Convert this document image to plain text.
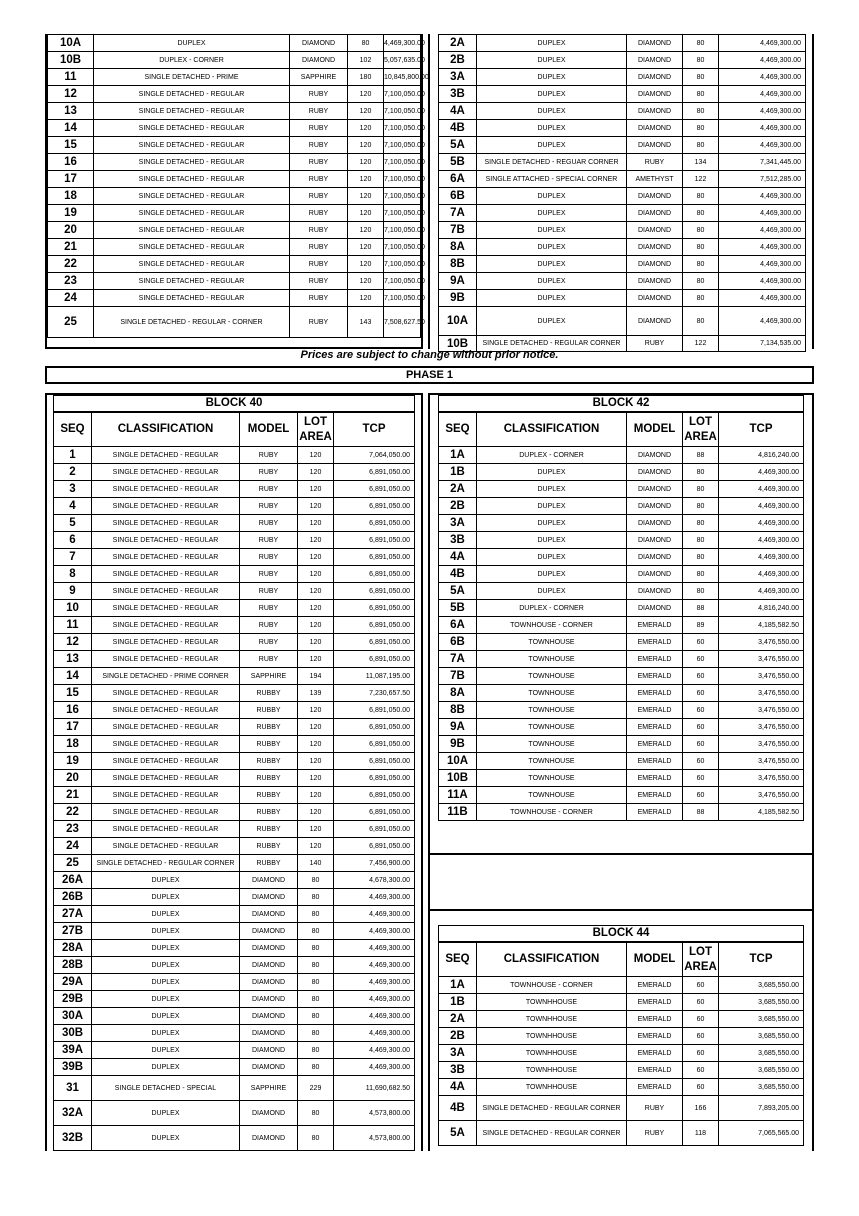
10A	DUPLEX	DIAMOND	80	4,469,300.00
10B	DUPLEX - CORNER	DIAMOND	102	5,057,635.00
11	SINGLE DETACHED - PRIME	SAPPHIRE	180	10,845,800.00
12	SINGLE DETACHED - REGULAR	RUBY	120	7,100,050.00
13	SINGLE DETACHED - REGULAR	RUBY	120	7,100,050.00
14	SINGLE DETACHED - REGULAR	RUBY	120	7,100,050.00
15	SINGLE DETACHED - REGULAR	RUBY	120	7,100,050.00
16	SINGLE DETACHED - REGULAR	RUBY	120	7,100,050.00
17	SINGLE DETACHED - REGULAR	RUBY	120	7,100,050.00
18	SINGLE DETACHED - REGULAR	RUBY	120	7,100,050.00
19	SINGLE DETACHED - REGULAR	RUBY	120	7,100,050.00
20	SINGLE DETACHED - REGULAR	RUBY	120	7,100,050.00
21	SINGLE DETACHED - REGULAR	RUBY	120	7,100,050.00
22	SINGLE DETACHED - REGULAR	RUBY	120	7,100,050.00
23	SINGLE DETACHED - REGULAR	RUBY	120	7,100,050.00
24	SINGLE DETACHED - REGULAR	RUBY	120	7,100,050.00
25	SINGLE DETACHED - REGULAR - CORNER	RUBY	143	7,508,627.50
2A	DUPLEX	DIAMOND	80	4,469,300.00
2B	DUPLEX	DIAMOND	80	4,469,300.00
3A	DUPLEX	DIAMOND	80	4,469,300.00
3B	DUPLEX	DIAMOND	80	4,469,300.00
4A	DUPLEX	DIAMOND	80	4,469,300.00
4B	DUPLEX	DIAMOND	80	4,469,300.00
5A	DUPLEX	DIAMOND	80	4,469,300.00
5B	SINGLE DETACHED - REGUAR CORNER	RUBY	134	7,341,445.00
6A	SINGLE ATTACHED - SPECIAL CORNER	AMETHYST	122	7,512,285.00
6B	DUPLEX	DIAMOND	80	4,469,300.00
7A	DUPLEX	DIAMOND	80	4,469,300.00
7B	DUPLEX	DIAMOND	80	4,469,300.00
8A	DUPLEX	DIAMOND	80	4,469,300.00
8B	DUPLEX	DIAMOND	80	4,469,300.00
9A	DUPLEX	DIAMOND	80	4,469,300.00
9B	DUPLEX	DIAMOND	80	4,469,300.00
10A	DUPLEX	DIAMOND	80	4,469,300.00
10B	SINGLE DETACHED - REGULAR CORNER	RUBY	122	7,134,535.00
Prices are subject to change without prior notice.
PHASE 1
BLOCK 40
SEQ	CLASSIFICATION	MODEL	LOT AREA	TCP
1	SINGLE DETACHED - REGULAR	RUBY	120	7,064,050.00
2	SINGLE DETACHED - REGULAR	RUBY	120	6,891,050.00
3	SINGLE DETACHED - REGULAR	RUBY	120	6,891,050.00
4	SINGLE DETACHED - REGULAR	RUBY	120	6,891,050.00
5	SINGLE DETACHED - REGULAR	RUBY	120	6,891,050.00
6	SINGLE DETACHED - REGULAR	RUBY	120	6,891,050.00
7	SINGLE DETACHED - REGULAR	RUBY	120	6,891,050.00
8	SINGLE DETACHED - REGULAR	RUBY	120	6,891,050.00
9	SINGLE DETACHED - REGULAR	RUBY	120	6,891,050.00
10	SINGLE DETACHED - REGULAR	RUBY	120	6,891,050.00
11	SINGLE DETACHED - REGULAR	RUBY	120	6,891,050.00
12	SINGLE DETACHED - REGULAR	RUBY	120	6,891,050.00
13	SINGLE DETACHED - REGULAR	RUBY	120	6,891,050.00
14	SINGLE DETACHED - PRIME CORNER	SAPPHIRE	194	11,087,195.00
15	SINGLE DETACHED - REGULAR	RUBBY	139	7,230,657.50
16	SINGLE DETACHED - REGULAR	RUBBY	120	6,891,050.00
17	SINGLE DETACHED - REGULAR	RUBBY	120	6,891,050.00
18	SINGLE DETACHED - REGULAR	RUBBY	120	6,891,050.00
19	SINGLE DETACHED - REGULAR	RUBBY	120	6,891,050.00
20	SINGLE DETACHED - REGULAR	RUBBY	120	6,891,050.00
21	SINGLE DETACHED - REGULAR	RUBBY	120	6,891,050.00
22	SINGLE DETACHED - REGULAR	RUBBY	120	6,891,050.00
23	SINGLE DETACHED - REGULAR	RUBBY	120	6,891,050.00
24	SINGLE DETACHED - REGULAR	RUBBY	120	6,891,050.00
25	SINGLE DETACHED - REGULAR CORNER	RUBBY	140	7,456,900.00
26A	DUPLEX	DIAMOND	80	4,678,300.00
26B	DUPLEX	DIAMOND	80	4,469,300.00
27A	DUPLEX	DIAMOND	80	4,469,300.00
27B	DUPLEX	DIAMOND	80	4,469,300.00
28A	DUPLEX	DIAMOND	80	4,469,300.00
28B	DUPLEX	DIAMOND	80	4,469,300.00
29A	DUPLEX	DIAMOND	80	4,469,300.00
29B	DUPLEX	DIAMOND	80	4,469,300.00
30A	DUPLEX	DIAMOND	80	4,469,300.00
30B	DUPLEX	DIAMOND	80	4,469,300.00
39A	DUPLEX	DIAMOND	80	4,469,300.00
39B	DUPLEX	DIAMOND	80	4,469,300.00
31	SINGLE DETACHED - SPECIAL	SAPPHIRE	229	11,690,682.50
32A	DUPLEX	DIAMOND	80	4,573,800.00
32B	DUPLEX	DIAMOND	80	4,573,800.00
BLOCK 42
SEQ	CLASSIFICATION	MODEL	LOT AREA	TCP
1A	DUPLEX - CORNER	DIAMOND	88	4,816,240.00
1B	DUPLEX	DIAMOND	80	4,469,300.00
2A	DUPLEX	DIAMOND	80	4,469,300.00
2B	DUPLEX	DIAMOND	80	4,469,300.00
3A	DUPLEX	DIAMOND	80	4,469,300.00
3B	DUPLEX	DIAMOND	80	4,469,300.00
4A	DUPLEX	DIAMOND	80	4,469,300.00
4B	DUPLEX	DIAMOND	80	4,469,300.00
5A	DUPLEX	DIAMOND	80	4,469,300.00
5B	DUPLEX - CORNER	DIAMOND	88	4,816,240.00
6A	TOWNHOUSE - CORNER	EMERALD	89	4,185,582.50
6B	TOWNHOUSE	EMERALD	60	3,476,550.00
7A	TOWNHOUSE	EMERALD	60	3,476,550.00
7B	TOWNHOUSE	EMERALD	60	3,476,550.00
8A	TOWNHOUSE	EMERALD	60	3,476,550.00
8B	TOWNHOUSE	EMERALD	60	3,476,550.00
9A	TOWNHOUSE	EMERALD	60	3,476,550.00
9B	TOWNHOUSE	EMERALD	60	3,476,550.00
10A	TOWNHOUSE	EMERALD	60	3,476,550.00
10B	TOWNHOUSE	EMERALD	60	3,476,550.00
11A	TOWNHOUSE	EMERALD	60	3,476,550.00
11B	TOWNHOUSE - CORNER	EMERALD	88	4,185,582.50
BLOCK 44
SEQ	CLASSIFICATION	MODEL	LOT AREA	TCP
1A	TOWNHOUSE - CORNER	EMERALD	60	3,685,550.00
1B	TOWNHHOUSE	EMERALD	60	3,685,550.00
2A	TOWNHHOUSE	EMERALD	60	3,685,550.00
2B	TOWNHHOUSE	EMERALD	60	3,685,550.00
3A	TOWNHHOUSE	EMERALD	60	3,685,550.00
3B	TOWNHHOUSE	EMERALD	60	3,685,550.00
4A	TOWNHHOUSE	EMERALD	60	3,685,550.00
4B	SINGLE DETACHED - REGULAR CORNER	RUBY	166	7,893,205.00
5A	SINGLE DETACHED - REGULAR CORNER	RUBY	118	7,065,565.00
